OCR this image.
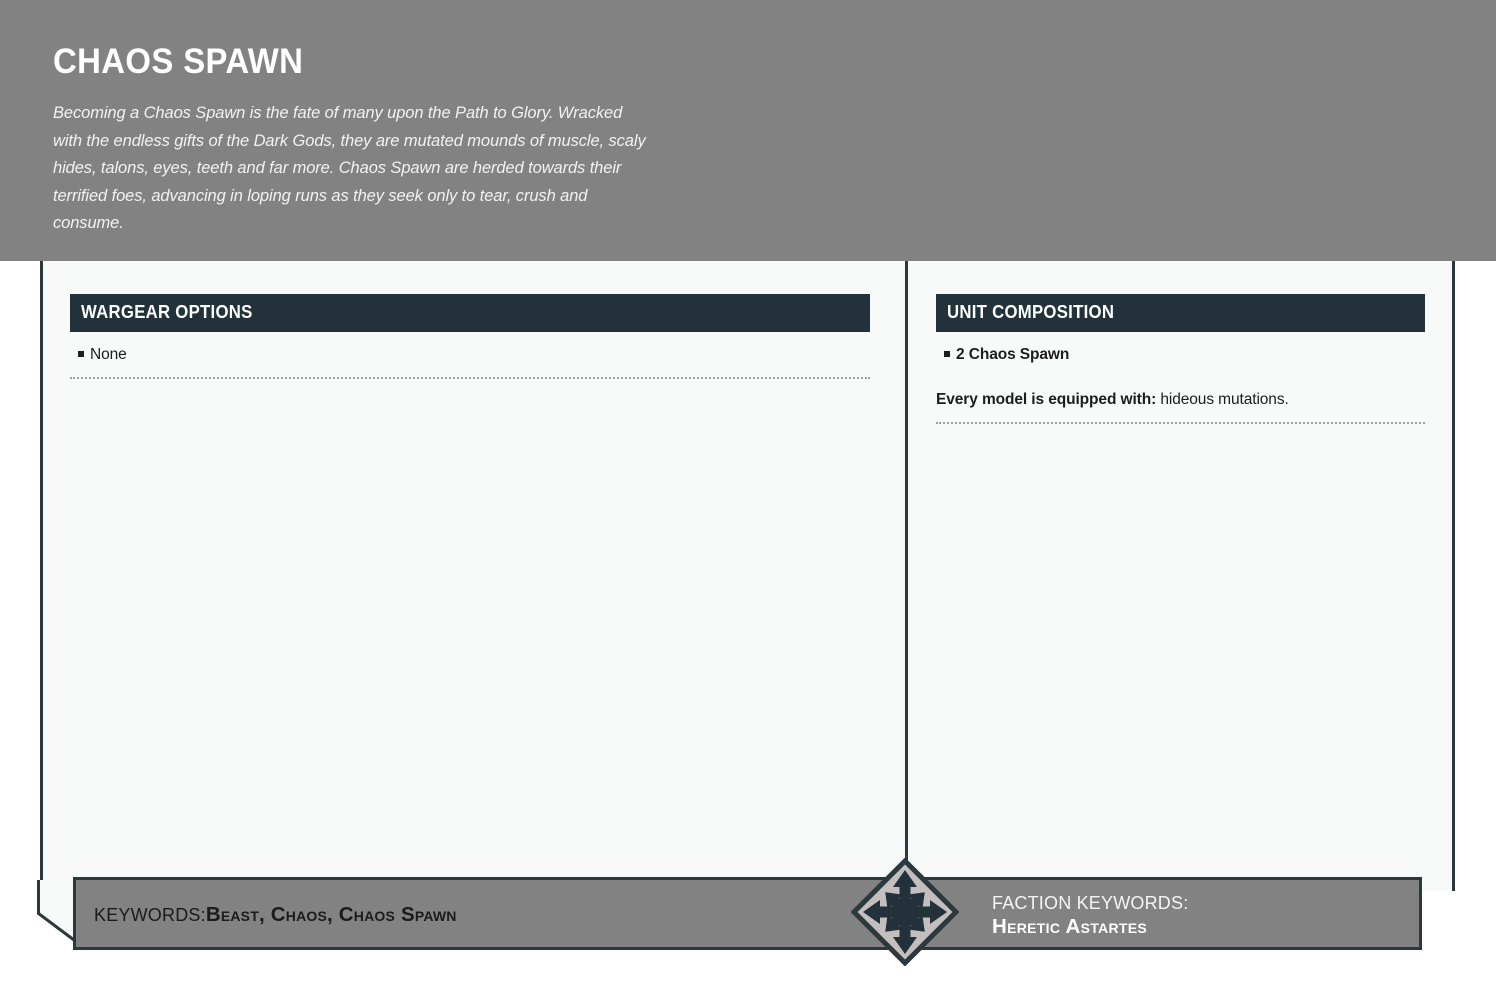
CHAOS SPAWN
Becoming a Chaos Spawn is the fate of many upon the Path to Glory. Wracked with the endless gifts of the Dark Gods, they are mutated mounds of muscle, scaly hides, talons, eyes, teeth and far more. Chaos Spawn are herded towards their terrified foes, advancing in loping runs as they seek only to tear, crush and consume.
WARGEAR OPTIONS
None
UNIT COMPOSITION
2 Chaos Spawn
Every model is equipped with: hideous mutations.
KEYWORDS:Beast, Chaos, Chaos Spawn	FACTION KEYWORDS:
Heretic Astartes
